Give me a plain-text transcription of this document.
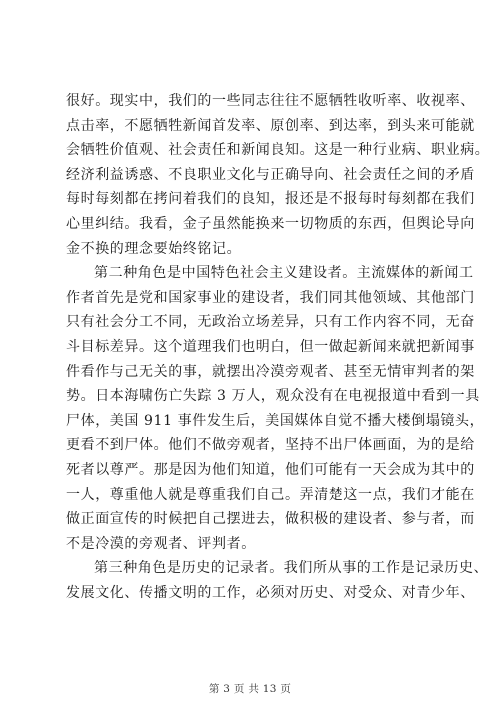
很好。现实中，我们的一些同志往往不愿牺牲收听率、收视率、
点击率，不愿牺牲新闻首发率、原创率、到达率，到头来可能就
会牺牲价值观、社会责任和新闻良知。这是一种行业病、职业病。
经济利益诱惑、不良职业文化与正确导向、社会责任之间的矛盾
每时每刻都在拷问着我们的良知，报还是不报每时每刻都在我们
心里纠结。我看，金子虽然能换来一切物质的东西，但舆论导向
金不换的理念要始终铭记。
第二种角色是中国特色社会主义建设者。主流媒体的新闻工
作者首先是党和国家事业的建设者，我们同其他领域、其他部门
只有社会分工不同，无政治立场差异，只有工作内容不同，无奋
斗目标差异。这个道理我们也明白，但一做起新闻来就把新闻事
件看作与己无关的事，就摆出冷漠旁观者、甚至无情审判者的架
势。日本海啸伤亡失踪 3 万人，观众没有在电视报道中看到一具
尸体，美国 911 事件发生后，美国媒体自觉不播大楼倒塌镜头，
更看不到尸体。他们不做旁观者，坚持不出尸体画面，为的是给
死者以尊严。那是因为他们知道，他们可能有一天会成为其中的
一人，尊重他人就是尊重我们自己。弄清楚这一点，我们才能在
做正面宣传的时候把自己摆进去，做积极的建设者、参与者，而
不是冷漠的旁观者、评判者。
第三种角色是历史的记录者。我们所从事的工作是记录历史、
发展文化、传播文明的工作，必须对历史、对受众、对青少年、
第 3 页 共 13 页
